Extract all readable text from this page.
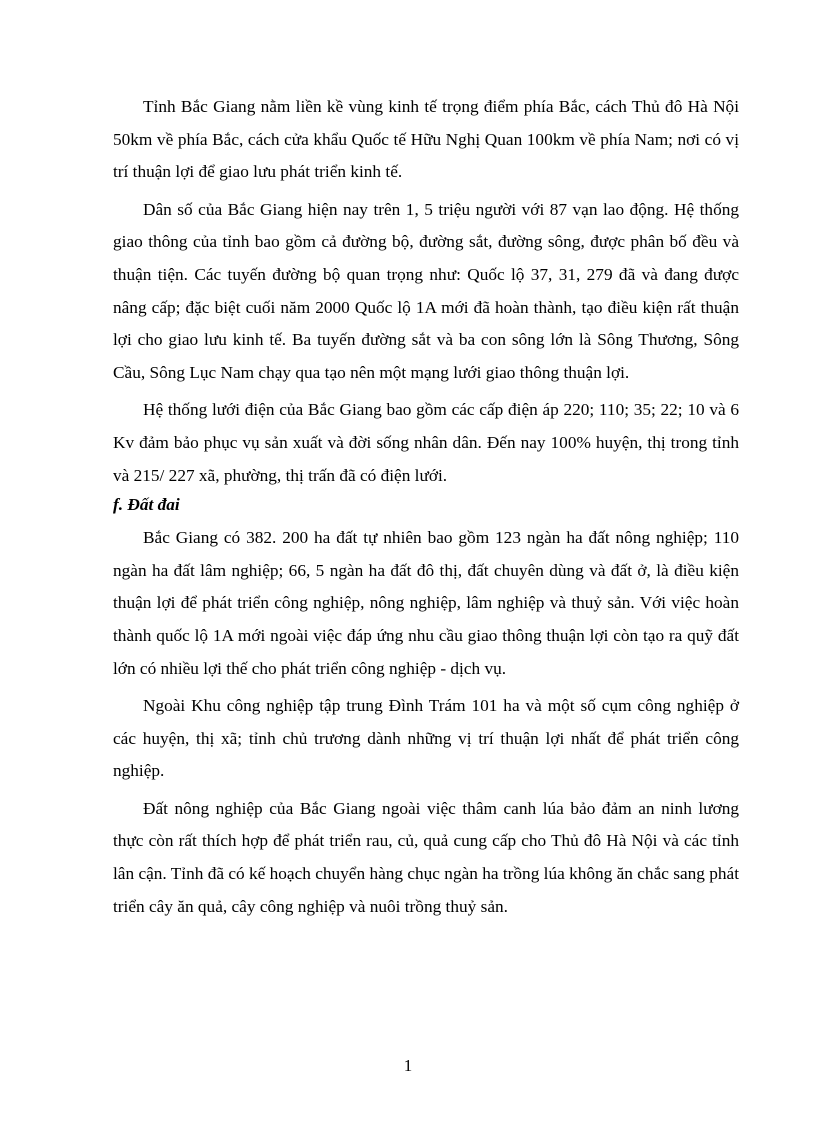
Tỉnh Bắc Giang nằm liền kề vùng kinh tế trọng điểm phía Bắc, cách Thủ đô Hà Nội 50km về phía Bắc, cách cửa khẩu Quốc tế Hữu Nghị Quan 100km về phía Nam; nơi có vị trí thuận lợi để giao lưu phát triển kinh tế.

Dân số của Bắc Giang hiện nay trên 1, 5 triệu người với 87 vạn lao động. Hệ thống giao thông của tỉnh bao gồm cả đường bộ, đường sắt, đường sông, được phân bố đều và thuận tiện. Các tuyến đường bộ quan trọng như: Quốc lộ 37, 31, 279 đã và đang được nâng cấp; đặc biệt cuối năm 2000 Quốc lộ 1A mới đã hoàn thành, tạo điều kiện rất thuận lợi cho giao lưu kinh tế. Ba tuyến đường sắt và ba con sông lớn là Sông Thương, Sông Cầu, Sông Lục Nam chạy qua tạo nên một mạng lưới giao thông thuận lợi.

Hệ thống lưới điện của Bắc Giang bao gồm các cấp điện áp 220; 110; 35; 22; 10 và 6 Kv đảm bảo phục vụ sản xuất và đời sống nhân dân. Đến nay 100% huyện, thị trong tỉnh và 215/ 227 xã, phường, thị trấn đã có điện lưới.

f. Đất đai

Bắc Giang có 382. 200 ha đất tự nhiên bao gồm 123 ngàn ha đất nông nghiệp; 110 ngàn ha đất lâm nghiệp; 66, 5 ngàn ha đất đô thị, đất chuyên dùng và đất ở, là điều kiện thuận lợi để phát triển công nghiệp, nông nghiệp, lâm nghiệp và thuỷ sản. Với việc hoàn thành quốc lộ 1A mới ngoài việc đáp ứng nhu cầu giao thông thuận lợi còn tạo ra quỹ đất lớn có nhiều lợi thế cho phát triển công nghiệp - dịch vụ.

Ngoài Khu công nghiệp tập trung Đình Trám 101 ha và một số cụm công nghiệp ở các huyện, thị xã; tỉnh chủ trương dành những vị trí thuận lợi nhất để phát triển công nghiệp.

Đất nông nghiệp của Bắc Giang ngoài việc thâm canh lúa bảo đảm an ninh lương thực còn rất thích hợp để phát triển rau, củ, quả cung cấp cho Thủ đô Hà Nội và các tỉnh lân cận. Tỉnh đã có kế hoạch chuyển hàng chục ngàn ha trồng lúa không ăn chắc sang phát triển cây ăn quả, cây công nghiệp và nuôi trồng thuỷ sản.

1
